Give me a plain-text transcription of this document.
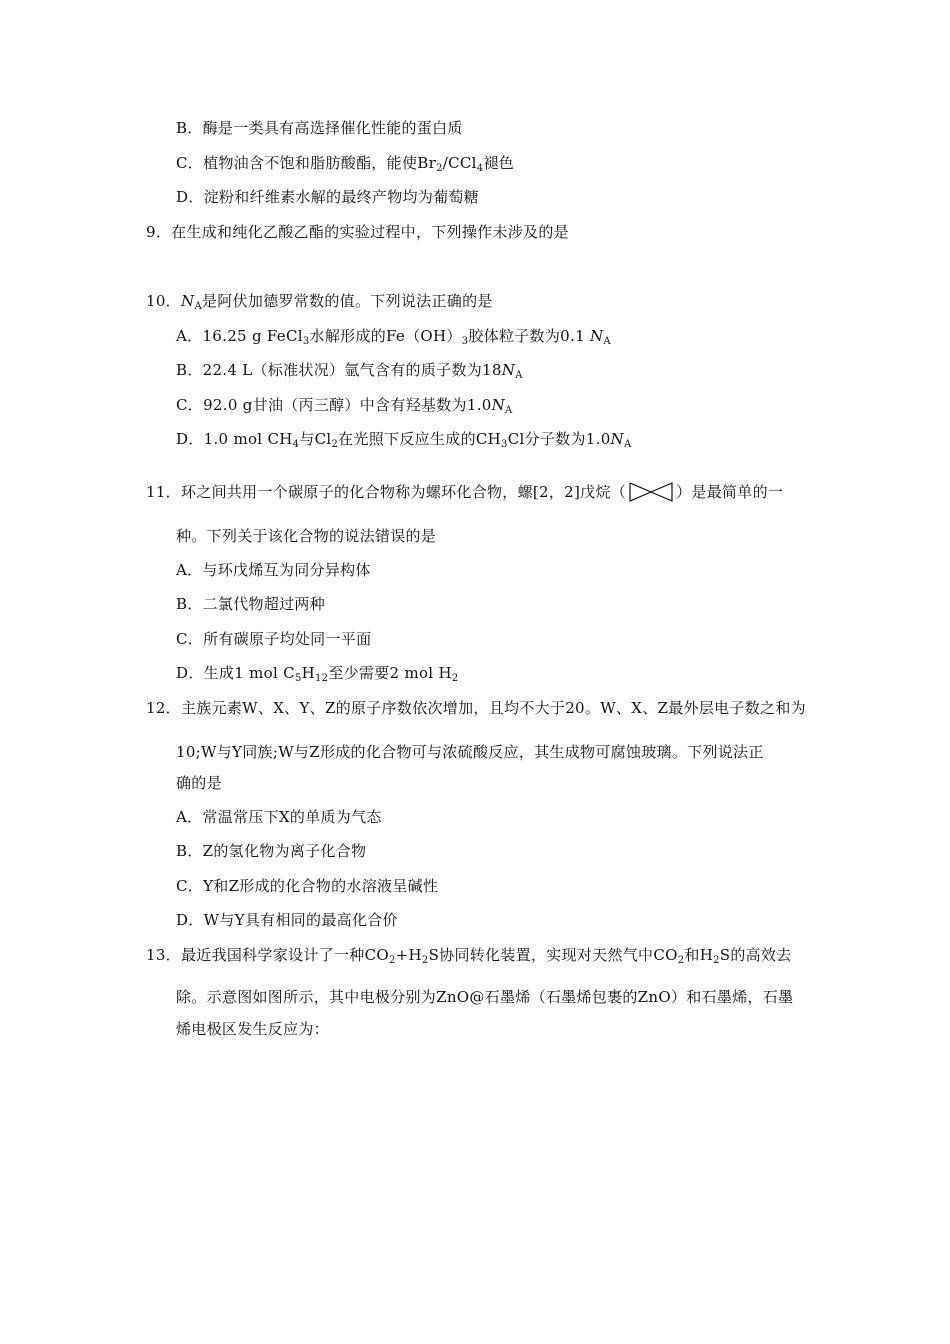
B．酶是一类具有高选择催化性能的蛋白质
C．植物油含不饱和脂肪酸酯，能使$Br_2/CCl_4$褪色
D．淀粉和纤维素水解的最终产物均为葡萄糖
9．在生成和纯化乙酸乙酯的实验过程中，下列操作未涉及的是
10．$N_A$是阿伏加德罗常数的值。下列说法正确的是
A．16.25 g FeCl$_3$水解形成的$Fe(OH)_3$胶体粒子数为0.1 $N_A$
B．22.4 L（标准状况）氩气含有的质子数为$18N_A$
C．92.0 g甘油（丙三醇）中含有羟基数为$1.0N_A$
D．1.0 mol $CH_4$与$Cl_2$在光照下反应生成的$CH_3Cl$分子数为$1.0N_A$
11．环之间共用一个碳原子的化合物称为螺环化合物，螺[2，2]戊烷（	）是最简单的一
种。下列关于该化合物的说法错误的是
A．与环戊烯互为同分异构体
B．二氯代物超过两种
C．所有碳原子均处同一平面
D．生成1 mol $C_5H_{12}$至少需要2 mol $H_2$
12．主族元素W、X、Y、Z的原子序数依次增加，且均不大于20。W、X、Z最外层电子数之和为
10;W与Y同族;W与Z形成的化合物可与浓硫酸反应，其生成物可腐蚀玻璃。下列说法正
确的是
A．常温常压下X的单质为气态
B．Z的氢化物为离子化合物
C．Y和Z形成的化合物的水溶液呈碱性
D．W与Y具有相同的最高化合价
13．最近我国科学家设计了一种$CO_2+H_2S$协同转化装置，实现对天然气中$CO_2$和$H_2S$的高效去
除。示意图如图所示，其中电极分别为ZnO@石墨烯（石墨烯包裹的ZnO）和石墨烯，石墨
烯电极区发生反应为：
